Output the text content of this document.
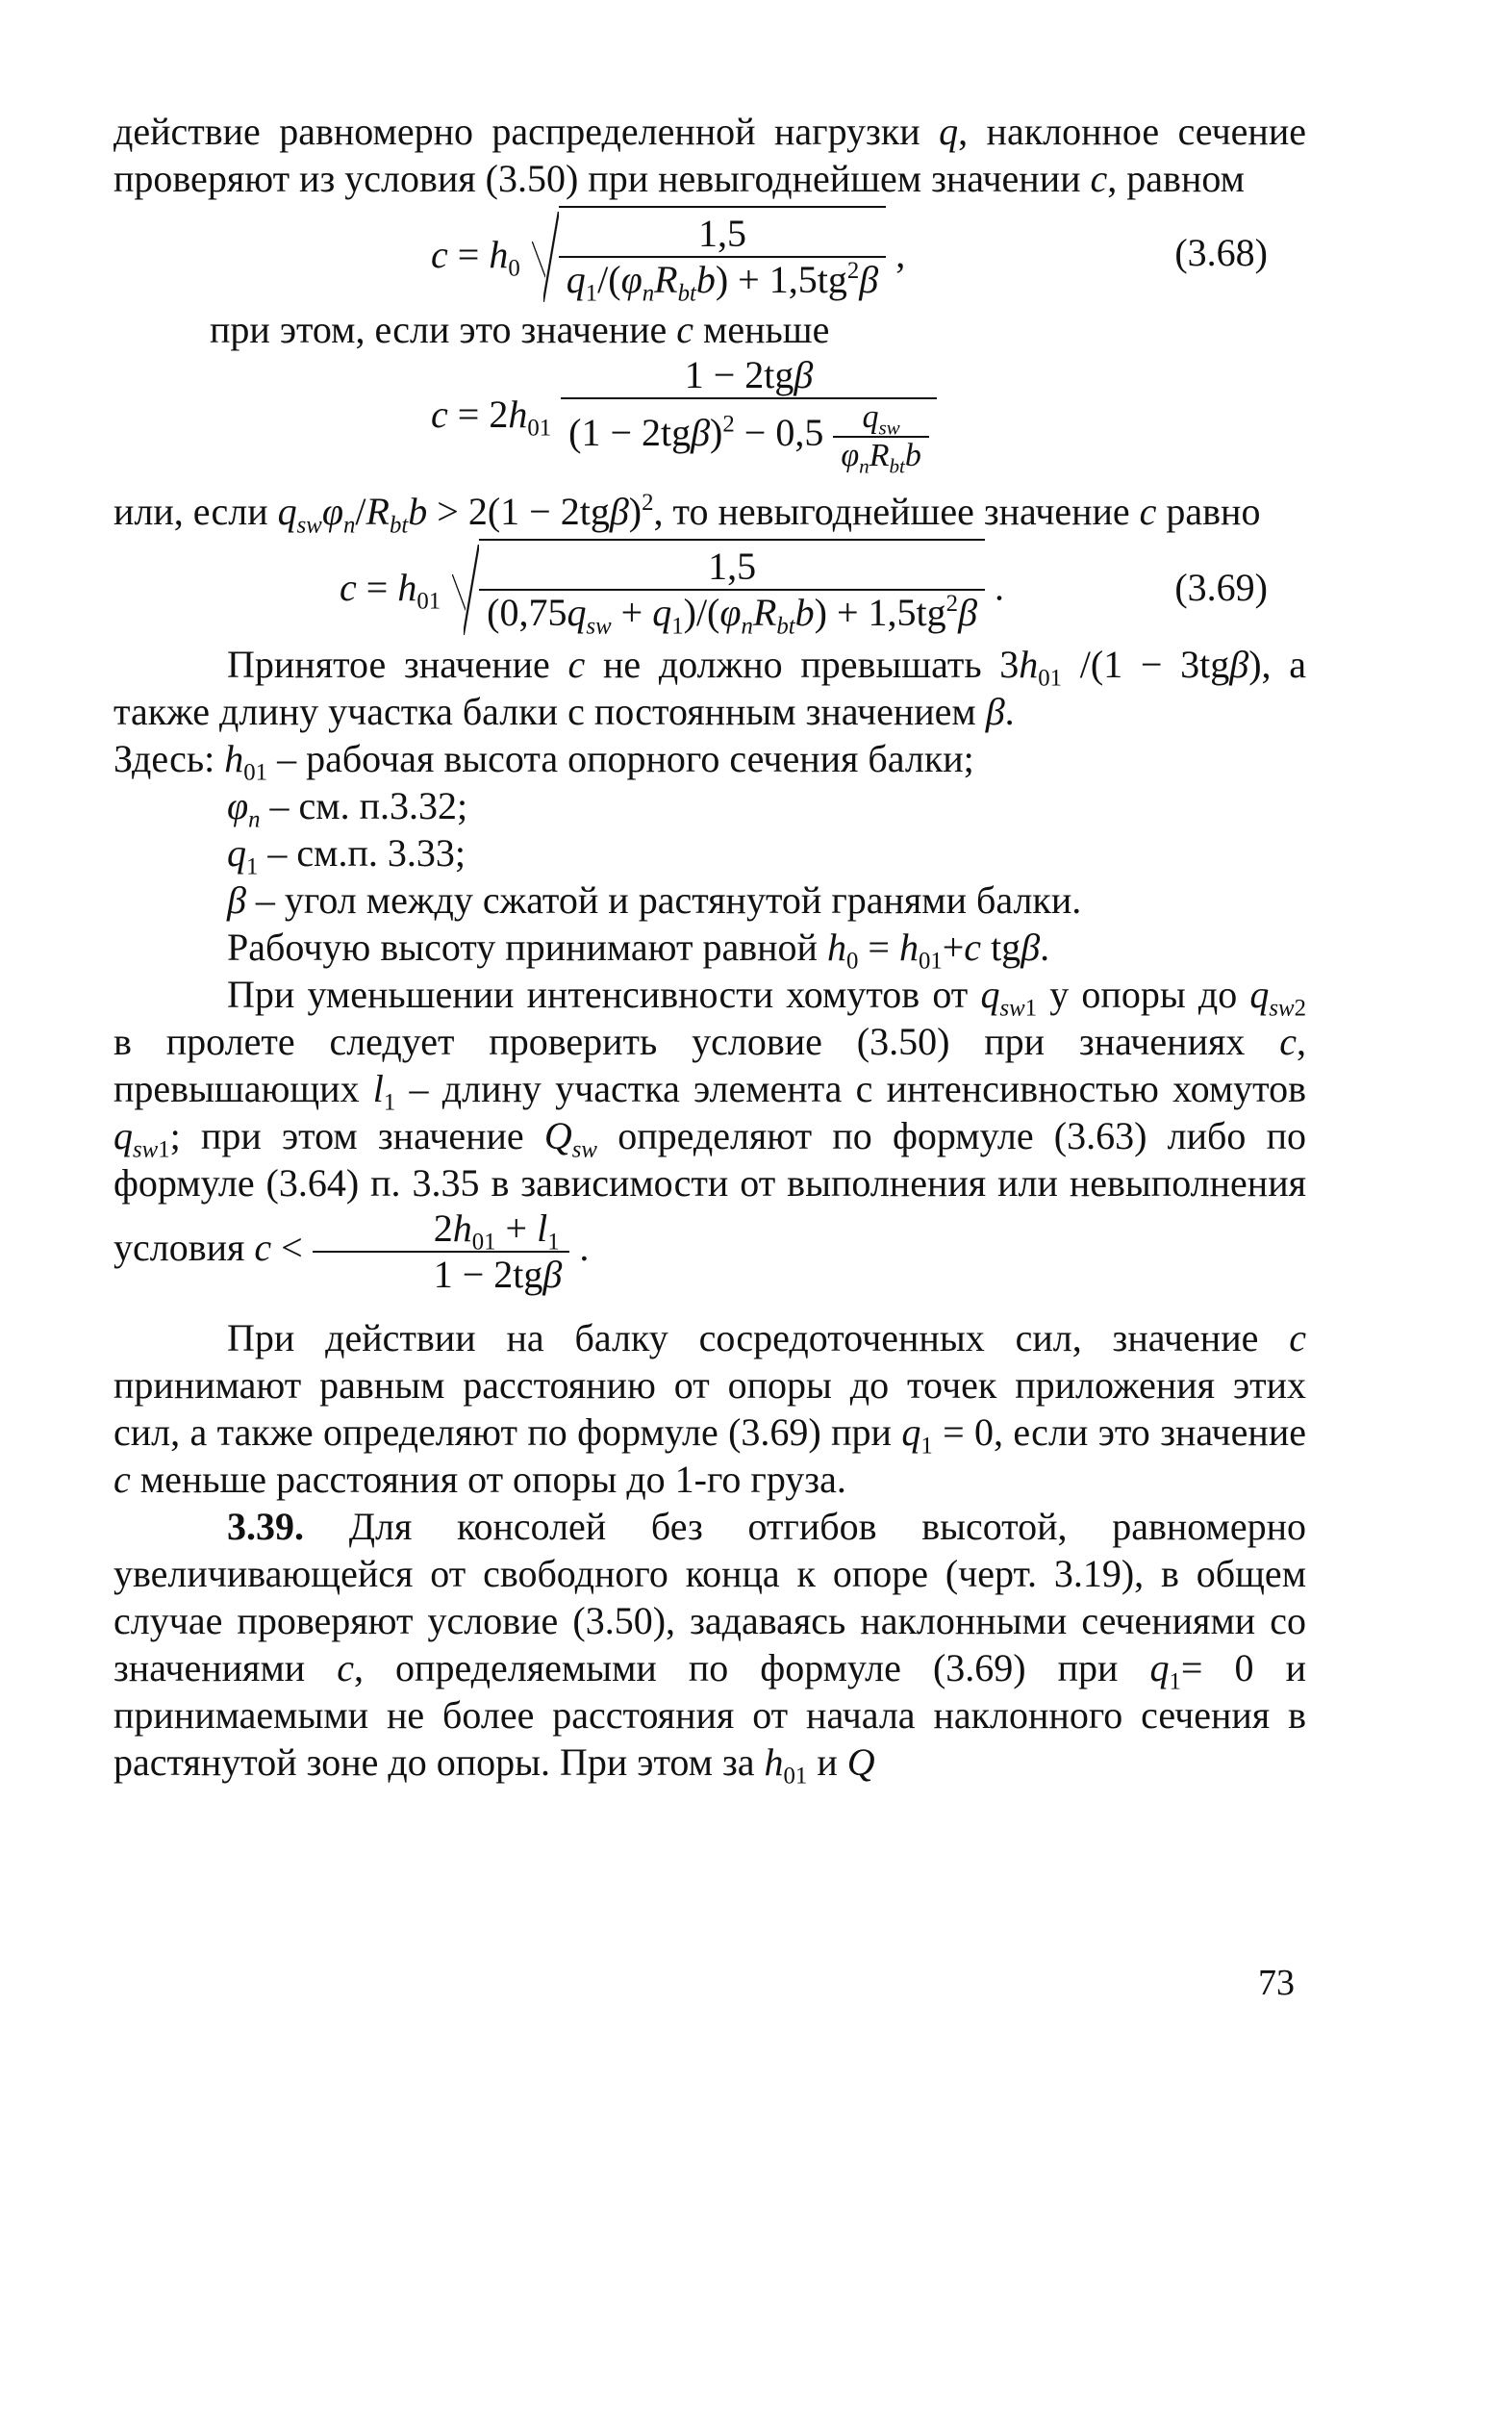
действие равномерно распределенной нагрузки q, наклонное сечение проверяют из условия (3.50) при невыгоднейшем значении c, равном

$c = h_0 \frac{1,5}{q_1/(\varphi_nR_{bt}b) + 1,5tg^2\beta}$ ,	(3.68)

при этом, если это значение c меньше

$c = 2h_{01} \frac{\text{1 − 2tgβ}}{(1 - 2tg\beta)^2 - 0,5 \frac{q_{sw}}{\varphi_nR_{bt}b}}$

или, если $q_{sw}\varphi_n/R_{bt}b > 2(1 - 2tg\beta)^2$, то невыгоднейшее значение c равно

$c = h_{01} \frac{1,5}{(0,75q_{sw} + q_1)/(\varphi_nR_{bt}b) + 1,5tg^2\beta}$ .	(3.69)

Принятое значение c не должно превышать $3h_{01}$ /(1 − 3tgβ), а также длину участка балки с постоянным значением β.

Здесь: $h_{01}$ – рабочая высота опорного сечения балки;

$\varphi_n$ – см. п.3.32;

$q_1 - см.п$. 3.33;

β – угол между сжатой и растянутой гранями балки.

Рабочую высоту принимают равной $h_0 = h_{01}+c$ tgβ.

При уменьшении интенсивности хомутов от $q_{sw1}$ у опоры до $q_{sw2}$ в пролете следует проверить условие (3.50) при значениях c, превышающих $l_1$ – длину участка элемента с интенсивностью хомутов $q_{sw1}$; при этом значение $Q_{sw}$ определяют по формуле (3.63) либо по формуле (3.64) п. 3.35 в зависимости от выполнения или невыполнения условия $c < \frac{2h_{01} + l_1}{\text{1 − 2tgβ}}$ .

При действии на балку сосредоточенных сил, значение c принимают равным расстоянию от опоры до точек приложения этих сил, а также определяют по формуле (3.69) при $q_1 = 0$, если это значение c меньше расстояния от опоры до 1-го груза.

3.39. Для консолей без отгибов высотой, равномерно увеличивающейся от свободного конца к опоре (черт. 3.19), в общем случае проверяют условие (3.50), задаваясь наклонными сечениями со значениями c, определяемыми по формуле (3.69) при $q_1= 0$ и принимаемыми не более расстояния от начала наклонного сечения в растянутой зоне до опоры. При этом за $h_{01}$ и Q

73
